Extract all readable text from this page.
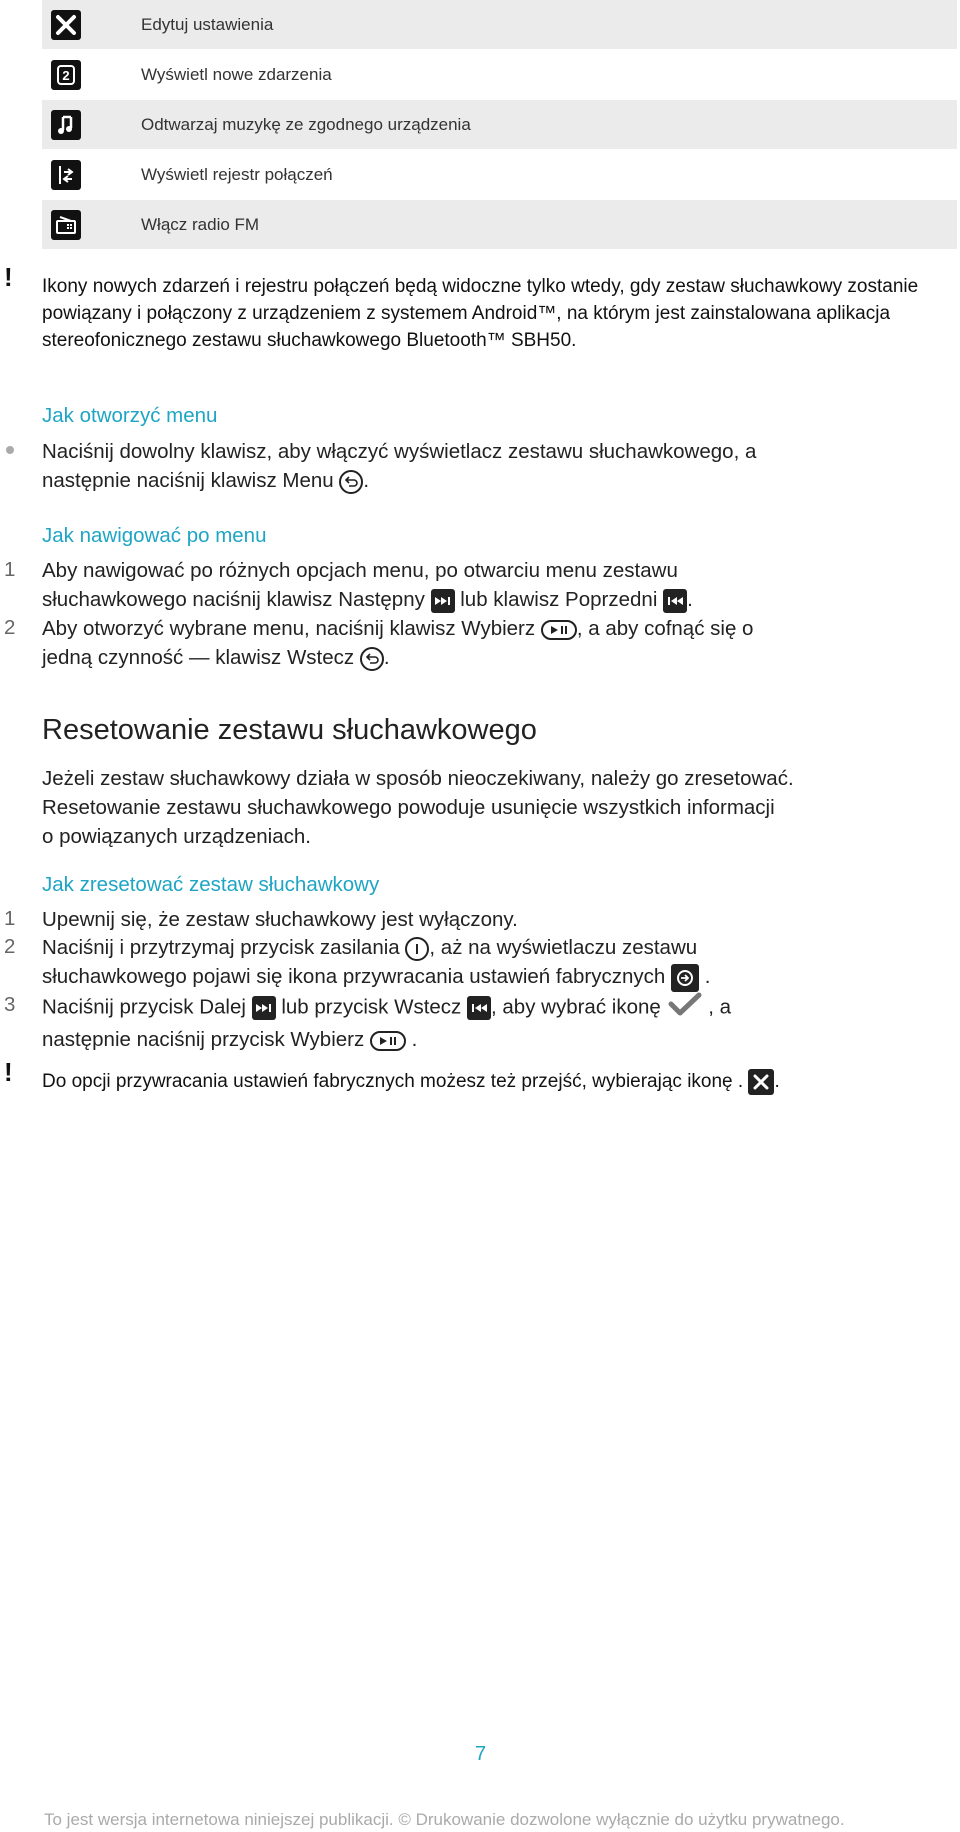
Edytuj ustawienia
2	Wyświetl nowe zdarzenia
Odtwarzaj muzykę ze zgodnego urządzenia
Wyświetl rejestr połączeń
Włącz radio FM
! Ikony nowych zdarzeń i rejestru połączeń będą widoczne tylko wtedy, gdy zestaw słuchawkowy zostanie powiązany i połączony z urządzeniem z systemem Android™, na którym jest zainstalowana aplikacja stereofonicznego zestawu słuchawkowego Bluetooth™ SBH50.
Jak otworzyć menu
Naciśnij dowolny klawisz, aby włączyć wyświetlacz zestawu słuchawkowego, a
następnie naciśnij klawisz Menu .
Jak nawigować po menu
1 Aby nawigować po różnych opcjach menu, po otwarciu menu zestawu
słuchawkowego naciśnij klawisz Następny lub klawisz Poprzedni .
2 Aby otworzyć wybrane menu, naciśnij klawisz Wybierz , a aby cofnąć się o
jedną czynność — klawisz Wstecz .
Resetowanie zestawu słuchawkowego
Jeżeli zestaw słuchawkowy działa w sposób nieoczekiwany, należy go zresetować.
Resetowanie zestawu słuchawkowego powoduje usunięcie wszystkich informacji
o powiązanych urządzeniach.
Jak zresetować zestaw słuchawkowy
1 Upewnij się, że zestaw słuchawkowy jest wyłączony.
2 Naciśnij i przytrzymaj przycisk zasilania , aż na wyświetlaczu zestawu
słuchawkowego pojawi się ikona przywracania ustawień fabrycznych .
3 Naciśnij przycisk Dalej lub przycisk Wstecz , aby wybrać ikonę , a
następnie naciśnij przycisk Wybierz .
! Do opcji przywracania ustawień fabrycznych możesz też przejść, wybierając ikonę . .
7
To jest wersja internetowa niniejszej publikacji. © Drukowanie dozwolone wyłącznie do użytku prywatnego.
